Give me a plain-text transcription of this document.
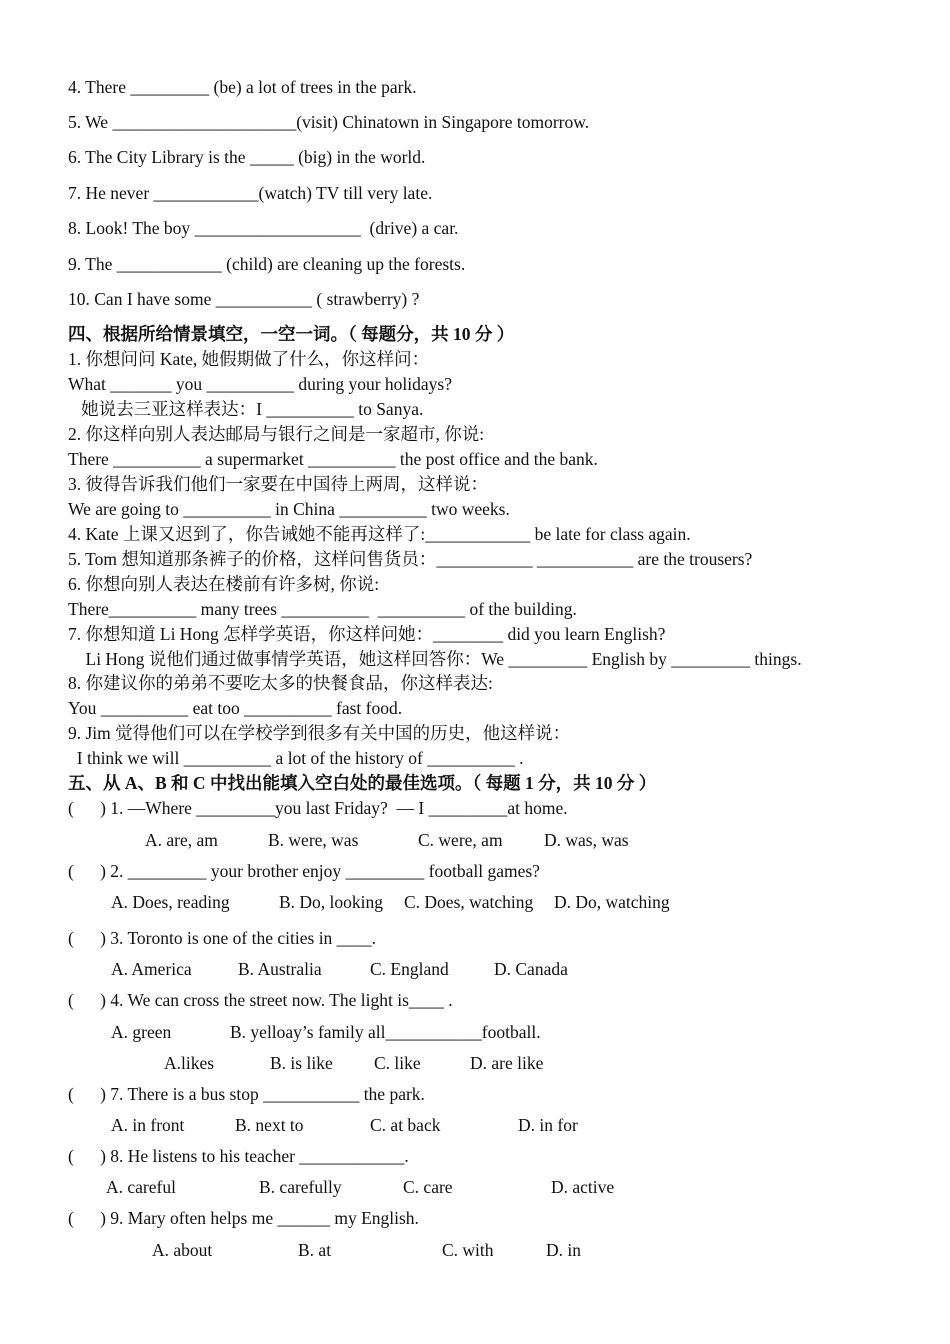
4. There _________ (be) a lot of trees in the park.
5. We _____________________(visit) Chinatown in Singapore tomorrow.
6. The City Library is the _____ (big) in the world.
7. He never ____________(watch) TV till very late.
8. Look! The boy ___________________  (drive) a car.
9. The ____________ (child) are cleaning up the forests.
10. Can I have some ___________ ( strawberry) ?
四、根据所给情景填空，一空一词。（ 每题分，共 10 分 ）
1. 你想问问 Kate, 她假期做了什么，你这样问：
What _______ you __________ during your holidays?
她说去三亚这样表达：I __________ to Sanya.
2. 你这样向别人表达邮局与银行之间是一家超市, 你说:
There __________ a supermarket __________ the post office and the bank.
3. 彼得告诉我们他们一家要在中国待上两周，这样说：
We are going to __________ in China __________ two weeks.
4. Kate 上课又迟到了，你告诫她不能再这样了:____________ be late for class again.
5. Tom 想知道那条裤子的价格，这样问售货员：___________ ___________ are the trousers?
6. 你想向别人表达在楼前有许多树, 你说:
There__________ many trees __________  __________ of the building.
7. 你想知道 Li Hong 怎样学英语，你这样问她：________ did you learn English?
Li Hong 说他们通过做事情学英语，她这样回答你：We _________ English by _________ things.
8. 你建议你的弟弟不要吃太多的快餐食品，你这样表达:
You __________ eat too __________ fast food.
9. Jim 觉得他们可以在学校学到很多有关中国的历史，他这样说：
I think we will __________ a lot of the history of __________ .
五、从 A、B 和 C 中找出能填入空白处的最佳选项。（ 每题 1 分，共 10 分 ）
(      ) 1. —Where _________you last Friday?  — I _________at home.
A. are, am	B. were, was	C. were, am D. was, was
(      ) 2. _________ your brother enjoy _________ football games?
A. Does, reading	B. Do, looking C. Does, watching D. Do, watching
(      ) 3. Toronto is one of the cities in ____.
A. America	B. Australia	C. England	D. Canada
(      ) 4. We can cross the street now. The light is____ .
A. green	B. yelloay’s family all___________football.
A.likes	B. is like C. like	D. are like
(      ) 7. There is a bus stop ___________ the park.
A. in front	B. next to	C. at back	D. in for
(      ) 8. He listens to his teacher ____________.
A. careful	B. carefully	C. care	D. active
(      ) 9. Mary often helps me ______ my English.
A. about	B. at	C. with	D. in
